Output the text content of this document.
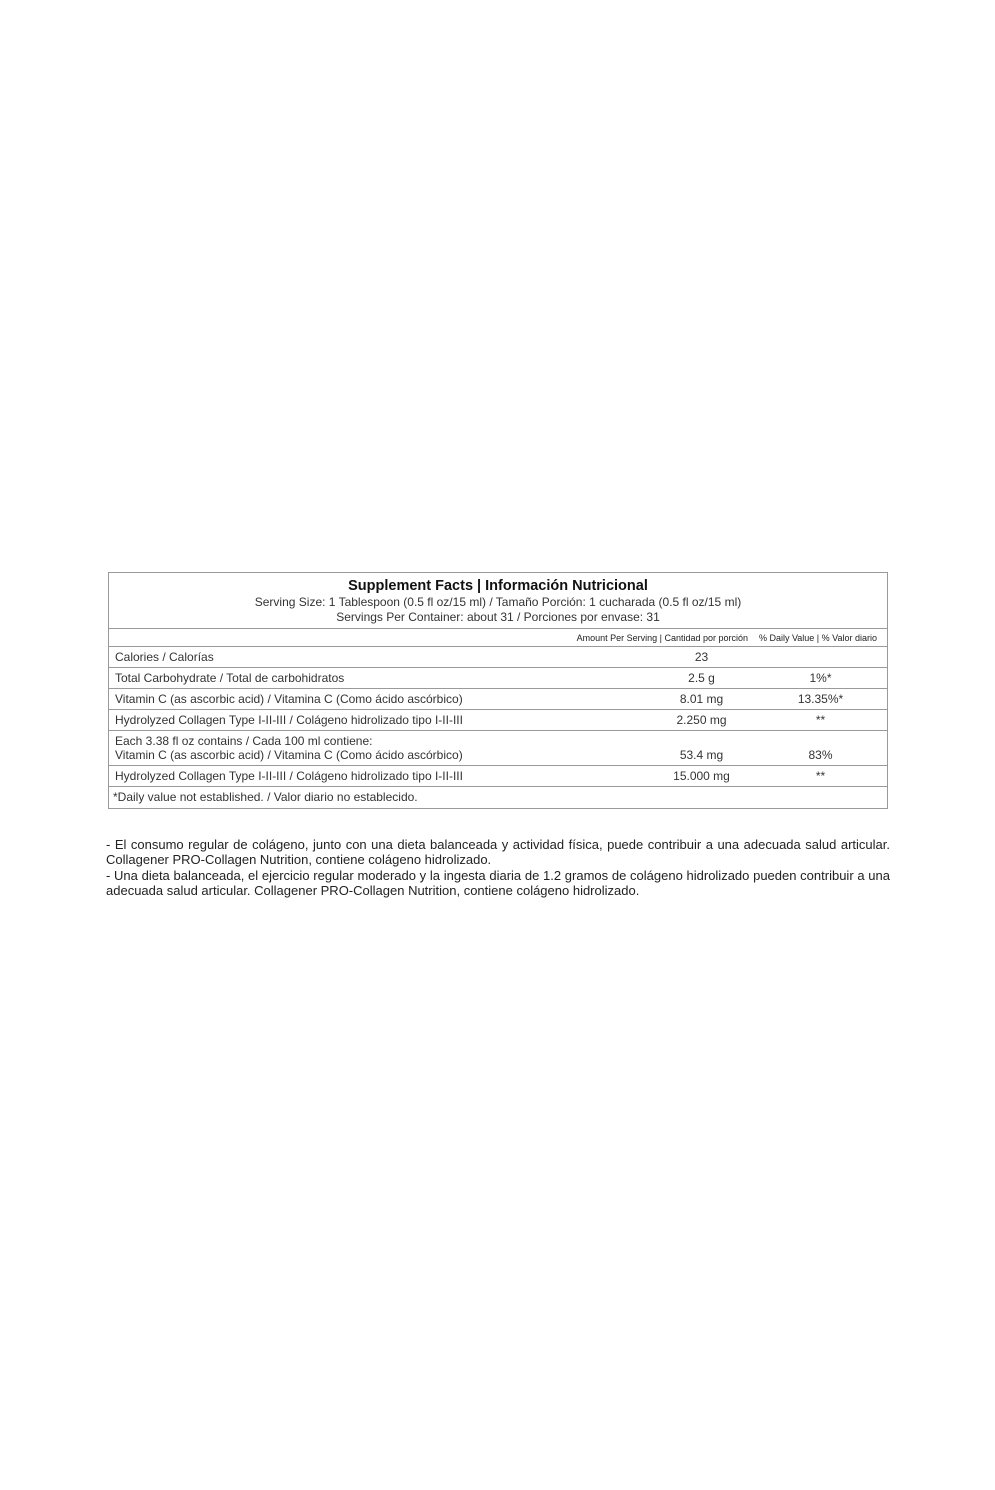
Supplement Facts | Información Nutricional
Serving Size: 1 Tablespoon (0.5 fl oz/15 ml) / Tamaño Porción: 1 cucharada (0.5 fl oz/15 ml)
Servings Per Container: about 31 / Porciones por envase: 31
	Amount Per Serving | Cantidad por porción	% Daily Value | % Valor diario
Calories / Calorías	23	
Total Carbohydrate / Total de carbohidratos	2.5 g	1%*
Vitamin C (as ascorbic acid) / Vitamina C (Como ácido ascórbico)	8.01 mg	13.35%*
Hydrolyzed Collagen Type I-II-III / Colágeno hidrolizado tipo I-II-III	2.250 mg	**

Each 3.38 fl oz contains / Cada 100 ml contiene:
Vitamin C (as ascorbic acid) / Vitamina C (Como ácido ascórbico)	53.4 mg	83%
Hydrolyzed Collagen Type I-II-III / Colágeno hidrolizado tipo I-II-III	15.000 mg	**
*Daily value not established. / Valor diario no establecido.

- El consumo regular de colágeno, junto con una dieta balanceada y actividad física, puede contribuir a una adecuada salud articular. Collagener PRO-Collagen Nutrition, contiene colágeno hidrolizado.

- Una dieta balanceada, el ejercicio regular moderado y la ingesta diaria de 1.2 gramos de colágeno hidrolizado pueden contribuir a una adecuada salud articular. Collagener PRO-Collagen Nutrition, contiene colágeno hidrolizado.
